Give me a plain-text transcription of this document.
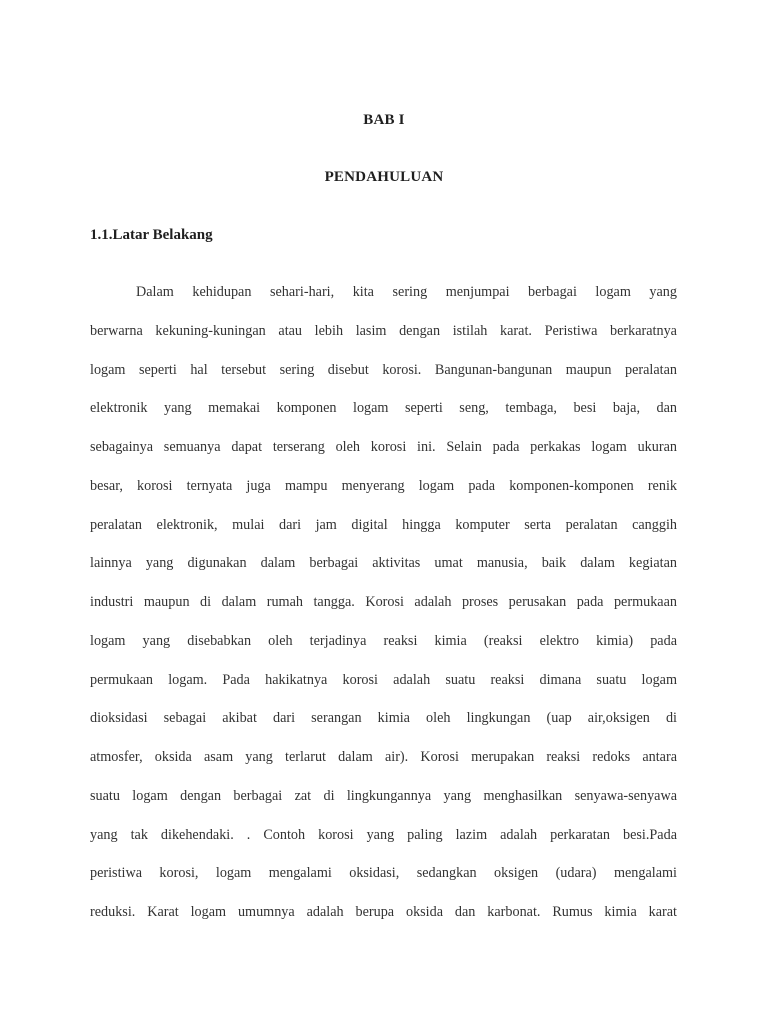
BAB I
PENDAHULUAN
1.1.Latar Belakang
Dalam kehidupan sehari-hari, kita sering menjumpai berbagai logam yang
berwarna kekuning-kuningan atau lebih lasim dengan istilah karat. Peristiwa berkaratnya
logam seperti hal tersebut sering disebut korosi. Bangunan-bangunan maupun peralatan
elektronik yang memakai komponen logam seperti seng, tembaga, besi baja, dan
sebagainya semuanya dapat terserang oleh korosi ini. Selain pada perkakas logam ukuran
besar, korosi ternyata juga mampu menyerang logam pada komponen-komponen renik
peralatan elektronik, mulai dari jam digital hingga komputer serta peralatan canggih
lainnya yang digunakan dalam berbagai aktivitas umat manusia, baik dalam kegiatan
industri maupun di dalam rumah tangga. Korosi adalah proses perusakan pada permukaan
logam yang disebabkan oleh terjadinya reaksi kimia (reaksi elektro kimia) pada
permukaan logam. Pada hakikatnya korosi adalah suatu reaksi dimana suatu logam
dioksidasi sebagai akibat dari serangan kimia oleh lingkungan (uap air,oksigen di
atmosfer, oksida asam yang terlarut dalam air). Korosi merupakan reaksi redoks antara
suatu logam dengan berbagai zat di lingkungannya yang menghasilkan senyawa-senyawa
yang tak dikehendaki. . Contoh korosi yang paling lazim adalah perkaratan besi.Pada
peristiwa korosi, logam mengalami oksidasi, sedangkan oksigen (udara) mengalami
reduksi. Karat logam umumnya adalah berupa oksida dan karbonat. Rumus kimia karat
